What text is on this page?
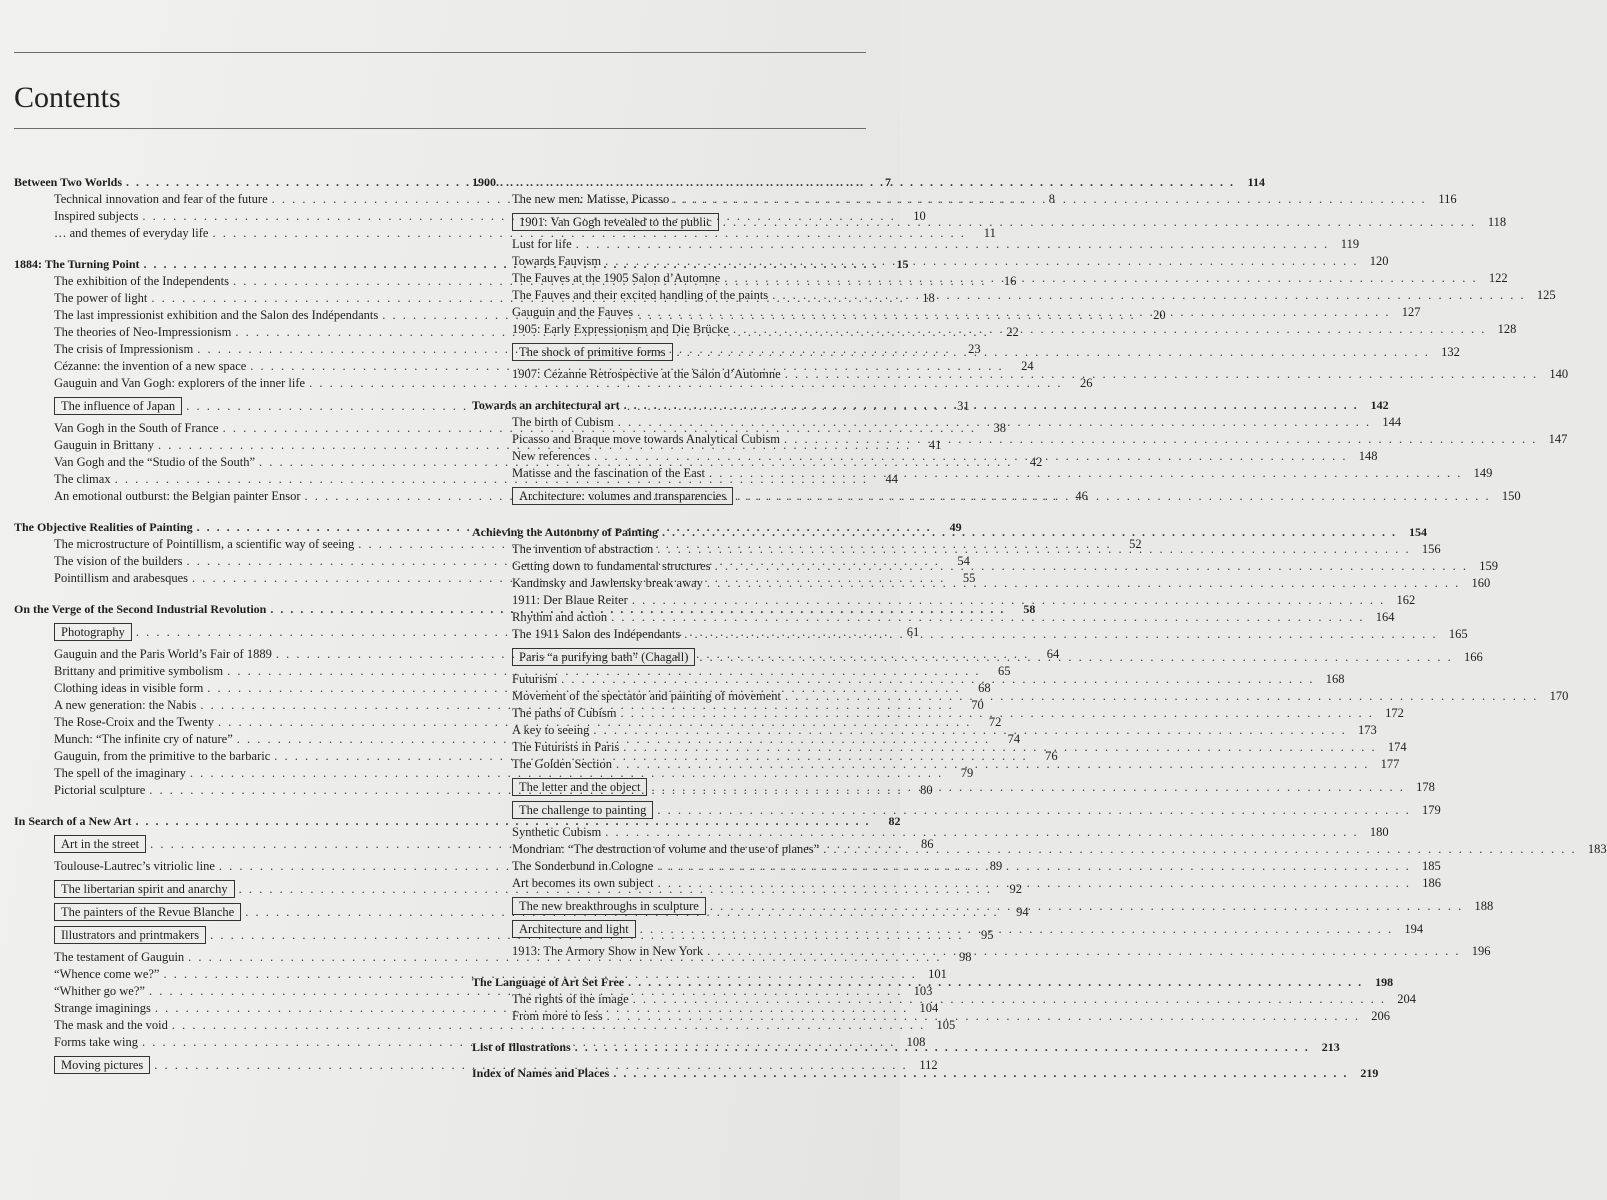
Contents
Between Two Worlds . . .	7
Technical innovation and fear of the future . . .	8
Inspired subjects . . .	10
… and themes of everyday life . . .	11
1884: The Turning Point . . .	15
The exhibition of the Independents . . .	16
The power of light . . .	18
The last impressionist exhibition and the Salon des Indépendants . . .	20
The theories of Neo-Impressionism . . .	22
The crisis of Impressionism . . .	23
Cézanne: the invention of a new space . . .	24
Gauguin and Van Gogh: explorers of the inner life . . .	26
The influence of Japan . . .	31
Van Gogh in the South of France . . .	38
Gauguin in Brittany . . .	41
Van Gogh and the “Studio of the South” . . .	42
The climax . . .	44
An emotional outburst: the Belgian painter Ensor . . .	46
The Objective Realities of Painting . . .	49
The microstructure of Pointillism, a scientific way of seeing . . .	52
The vision of the builders . . .	54
Pointillism and arabesques . . .	55
On the Verge of the Second Industrial Revolution . . .	58
Photography . . .	61
Gauguin and the Paris World’s Fair of 1889 . . .	64
Brittany and primitive symbolism . . .	65
Clothing ideas in visible form . . .	68
A new generation: the Nabis . . .	70
The Rose-Croix and the Twenty . . .	72
Munch: “The infinite cry of nature” . . .	74
Gauguin, from the primitive to the barbaric . . .	76
The spell of the imaginary . . .	79
Pictorial sculpture . . .	80
In Search of a New Art . . .	82
Art in the street . . .	86
Toulouse-Lautrec’s vitriolic line . . .	89
The libertarian spirit and anarchy . . .	92
The painters of the Revue Blanche . . .	94
Illustrators and printmakers . . .	95
The testament of Gauguin . . .	98
“Whence come we?” . . .	101
“Whither go we?” . . .	103
Strange imaginings . . .	104
The mask and the void . . .	105
Forms take wing . . .	108
Moving pictures . . .	112
1900 . . .	114
The new men: Matisse, Picasso . . .	116
1901: Van Gogh revealed to the public . . .	118
Lust for life . . .	119
Towards Fauvism . . .	120
The Fauves at the 1905 Salon d’Automne . . .	122
The Fauves and their excited handling of the paints . . .	125
Gauguin and the Fauves . . .	127
1905: Early Expressionism and Die Brücke . . .	128
The shock of primitive forms . . .	132
1907: Cézanne Retrospective at the Salon d’Automne . . .	140
Towards an architectural art . . .	142
The birth of Cubism . . .	144
Picasso and Braque move towards Analytical Cubism . . .	147
New references . . .	148
Matisse and the fascination of the East . . .	149
Architecture: volumes and transparencies . . .	150
Achieving the Autonomy of Painting . . .	154
The invention of abstraction . . .	156
Getting down to fundamental structures . . .	159
Kandinsky and Jawlensky break away . . .	160
1911: Der Blaue Reiter . . .	162
Rhythm and action . . .	164
The 1911 Salon des Indépendants . . .	165
Paris “a purifying bath” (Chagall) . . .	166
Futurism . . .	168
Movement of the spectator and painting of movement . . .	170
The paths of Cubism . . .	172
A key to seeing . . .	173
The Futurists in Paris . . .	174
The Golden Section . . .	177
The letter and the object . . .	178
The challenge to painting . . .	179
Synthetic Cubism . . .	180
Mondrian: “The destruction of volume and the use of planes” . . .	183
The Sonderbund in Cologne . . .	185
Art becomes its own subject . . .	186
The new breakthroughs in sculpture . . .	188
Architecture and light . . .	194
1913: The Armory Show in New York . . .	196
The Language of Art Set Free . . .	198
The rights of the image . . .	204
From more to less . . .	206
List of Illustrations . . .	213
Index of Names and Places . . .	219
